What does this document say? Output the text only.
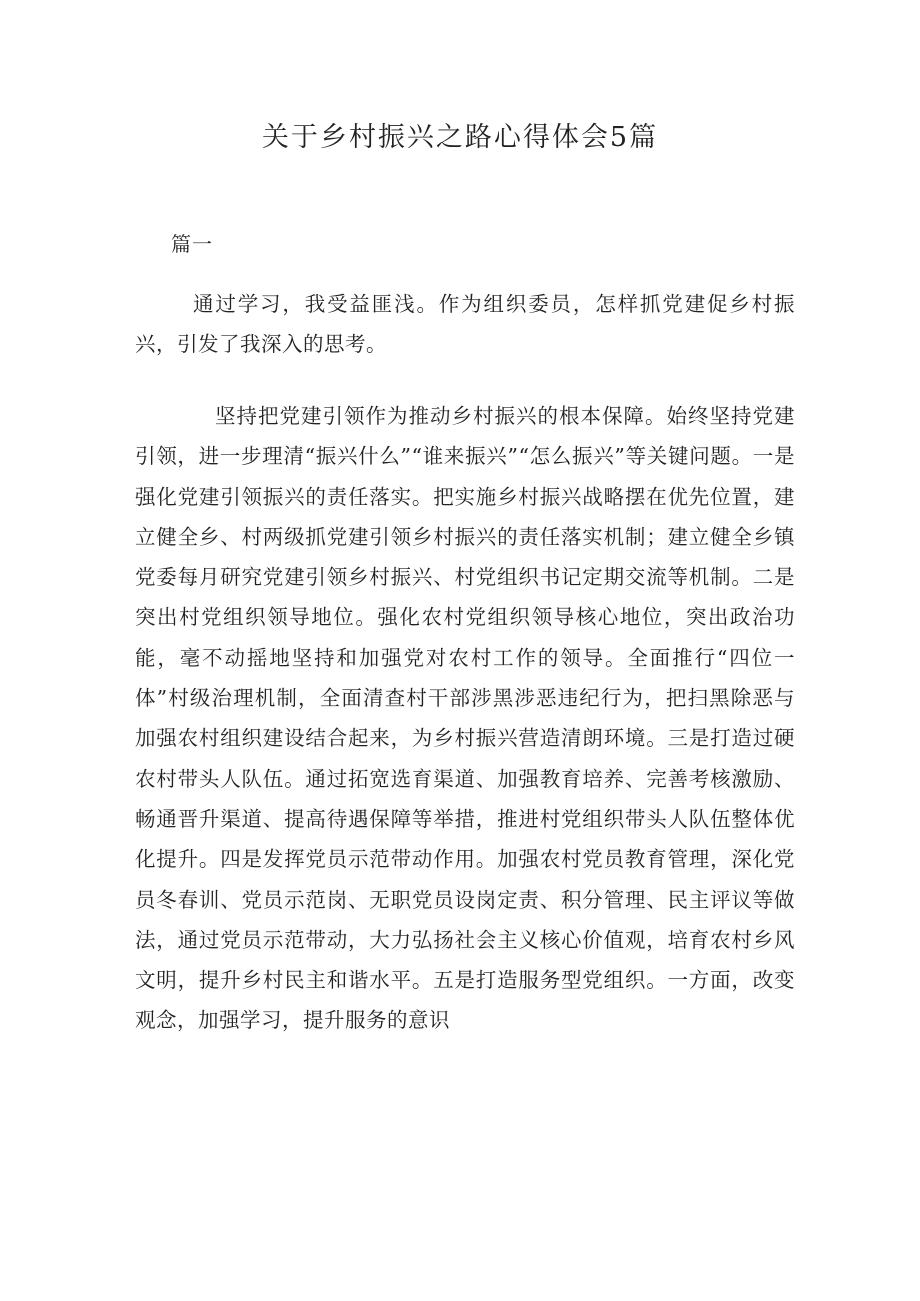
关于乡村振兴之路心得体会5篇
篇一

通过学习，我受益匪浅。作为组织委员，怎样抓党建促乡村振兴，引发了我深入的思考。

坚持把党建引领作为推动乡村振兴的根本保障。始终坚持党建引领，进一步理清“振兴什么”“谁来振兴”“怎么振兴”等关键问题。一是强化党建引领振兴的责任落实。把实施乡村振兴战略摆在优先位置，建立健全乡、村两级抓党建引领乡村振兴的责任落实机制；建立健全乡镇党委每月研究党建引领乡村振兴、村党组织书记定期交流等机制。二是突出村党组织领导地位。强化农村党组织领导核心地位，突出政治功能，毫不动摇地坚持和加强党对农村工作的领导。全面推行“四位一体”村级治理机制，全面清查村干部涉黑涉恶违纪行为，把扫黑除恶与加强农村组织建设结合起来，为乡村振兴营造清朗环境。三是打造过硬农村带头人队伍。通过拓宽选育渠道、加强教育培养、完善考核激励、畅通晋升渠道、提高待遇保障等举措，推进村党组织带头人队伍整体优化提升。四是发挥党员示范带动作用。加强农村党员教育管理，深化党员冬春训、党员示范岗、无职党员设岗定责、积分管理、民主评议等做法，通过党员示范带动，大力弘扬社会主义核心价值观，培育农村乡风文明，提升乡村民主和谐水平。五是打造服务型党组织。一方面，改变观念，加强学习，提升服务的意识
